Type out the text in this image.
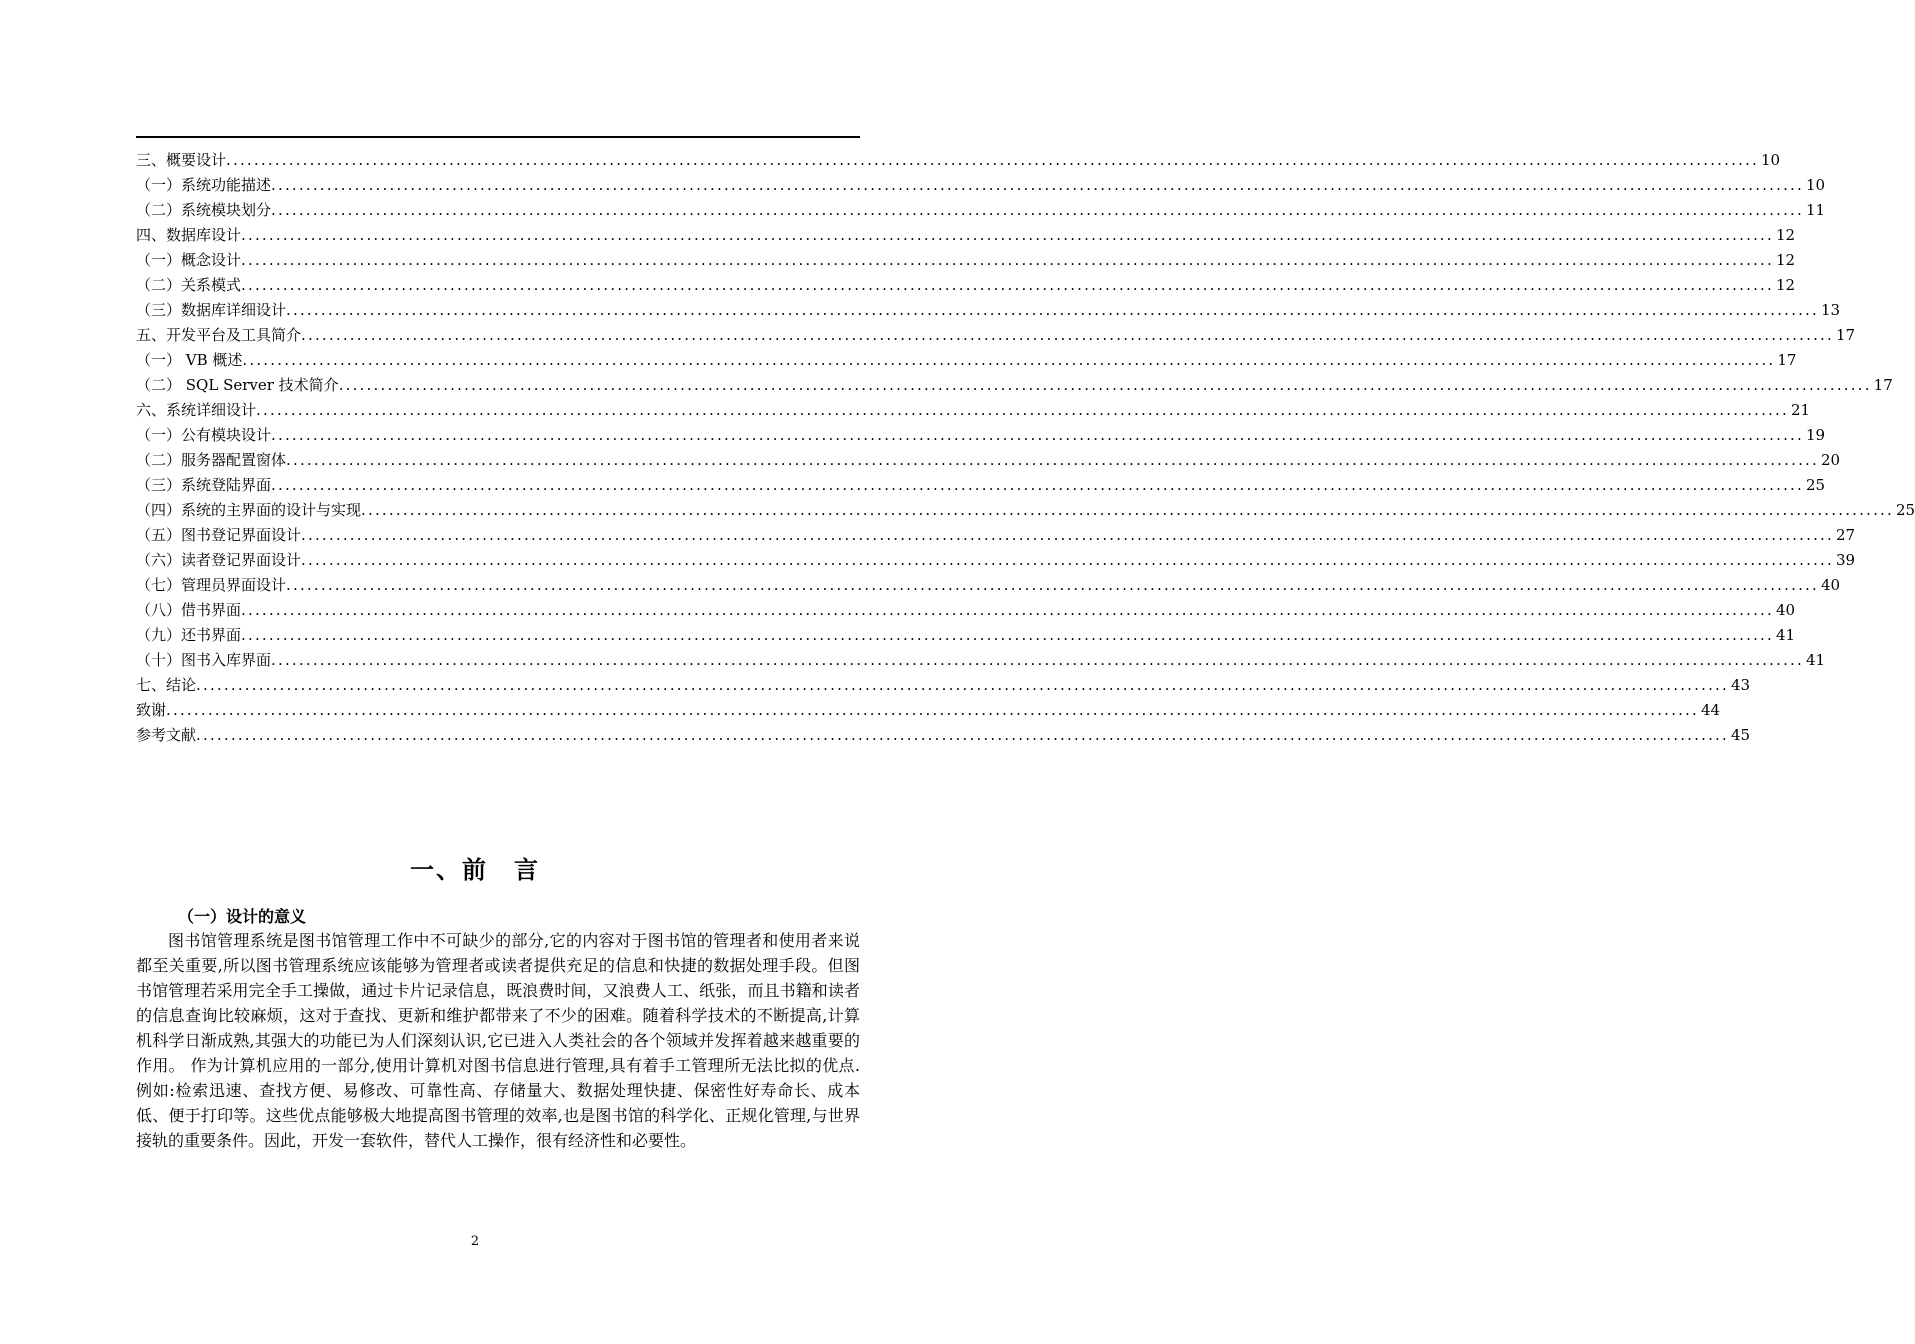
三、概要设计 ............................................................................................................................................................................................................................ 10
（一）系统功能描述 ............................................................................................................................................................................................................................ 10
（二）系统模块划分 ............................................................................................................................................................................................................................ 11
四、数据库设计 ............................................................................................................................................................................................................................ 12
（一）概念设计 ............................................................................................................................................................................................................................ 12
（二）关系模式 ............................................................................................................................................................................................................................ 12
（三）数据库详细设计 ............................................................................................................................................................................................................................ 13
五、开发平台及工具简介 ............................................................................................................................................................................................................................ 17
（一） VB 概述 ............................................................................................................................................................................................................................ 17
（二） SQL Server 技术简介 ............................................................................................................................................................................................................................ 17
六、系统详细设计 ............................................................................................................................................................................................................................ 21
（一）公有模块设计 ............................................................................................................................................................................................................................ 19
（二）服务器配置窗体 ............................................................................................................................................................................................................................ 20
（三）系统登陆界面 ............................................................................................................................................................................................................................ 25
（四）系统的主界面的设计与实现 ............................................................................................................................................................................................................................ 25
（五）图书登记界面设计 ............................................................................................................................................................................................................................ 27
（六）读者登记界面设计 ............................................................................................................................................................................................................................ 39
（七）管理员界面设计 ............................................................................................................................................................................................................................ 40
（八）借书界面 ............................................................................................................................................................................................................................ 40
（九）还书界面 ............................................................................................................................................................................................................................ 41
（十）图书入库界面 ............................................................................................................................................................................................................................ 41
七、结论 ............................................................................................................................................................................................................................ 43
致谢 ............................................................................................................................................................................................................................ 44
参考文献 ............................................................................................................................................................................................................................ 45
一、前　言
（一）设计的意义
图书馆管理系统是图书馆管理工作中不可缺少的部分,它的内容对于图书馆的管理者和使用者来说都至关重要,所以图书管理系统应该能够为管理者或读者提供充足的信息和快捷的数据处理手段。但图书馆管理若采用完全手工操做，通过卡片记录信息，既浪费时间，又浪费人工、纸张，而且书籍和读者的信息查询比较麻烦，这对于查找、更新和维护都带来了不少的困难。随着科学技术的不断提高,计算机科学日渐成熟,其强大的功能已为人们深刻认识,它已进入人类社会的各个领域并发挥着越来越重要的作用。 作为计算机应用的一部分,使用计算机对图书信息进行管理,具有着手工管理所无法比拟的优点.例如:检索迅速、查找方便、易修改、可靠性高、存储量大、数据处理快捷、保密性好寿命长、成本低、便于打印等。这些优点能够极大地提高图书管理的效率,也是图书馆的科学化、正规化管理,与世界接轨的重要条件。因此，开发一套软件，替代人工操作，很有经济性和必要性。
2
